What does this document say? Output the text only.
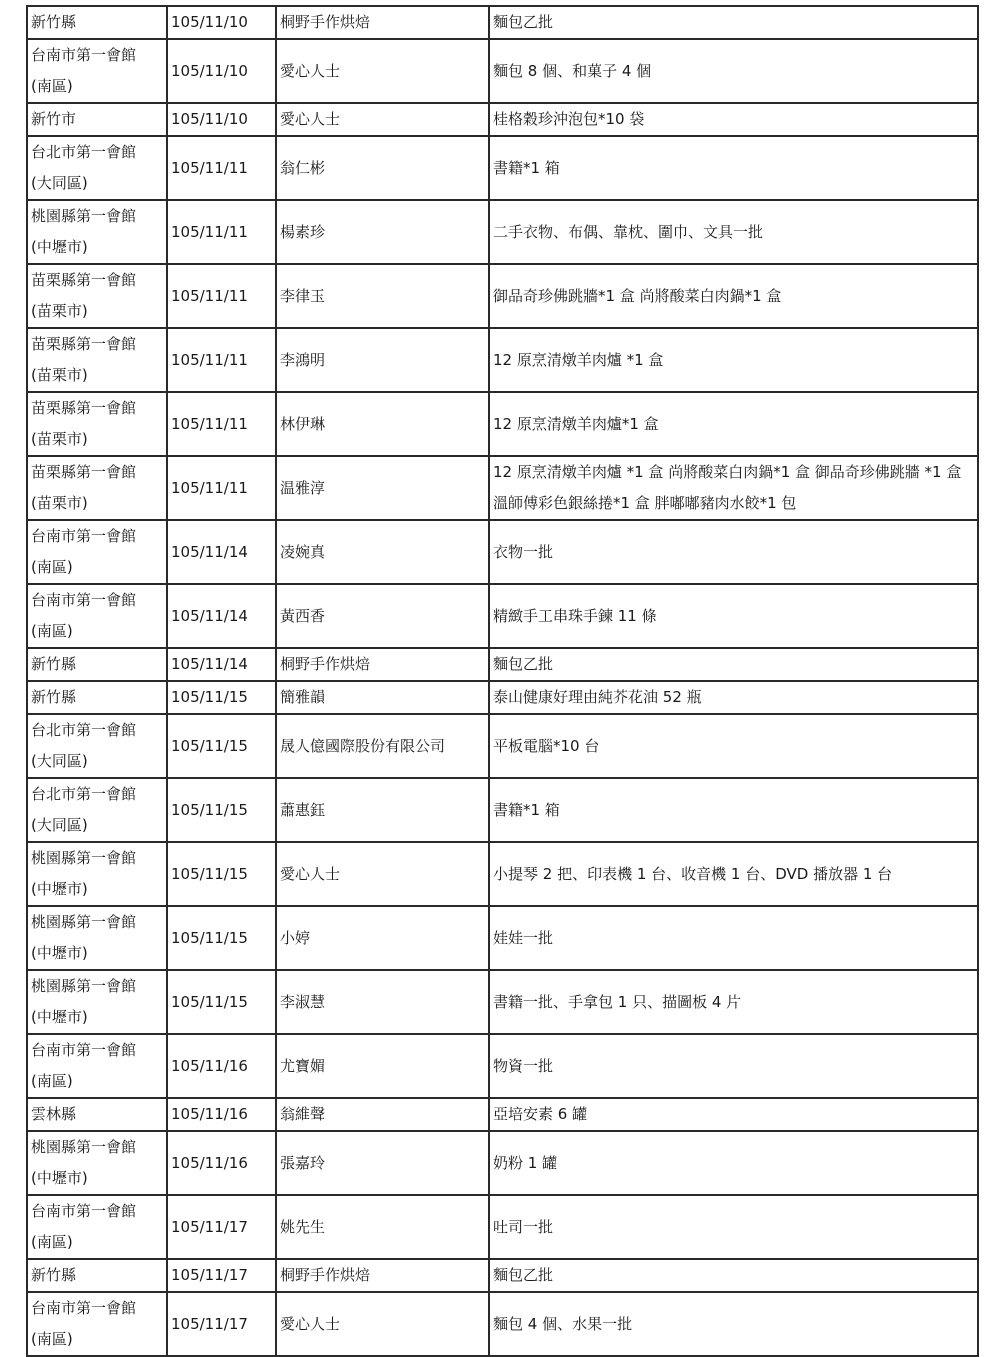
新竹縣	105/11/10	桐野手作烘焙	麵包乙批
台南市第一會館
(南區)	105/11/10	愛心人士	麵包 8 個、和菓子 4 個
新竹市	105/11/10	愛心人士	桂格穀珍沖泡包*10 袋
台北市第一會館
(大同區)	105/11/11	翁仁彬	書籍*1 箱
桃園縣第一會館
(中壢市)	105/11/11	楊素珍	二手衣物、布偶、靠枕、圍巾、文具一批
苗栗縣第一會館
(苗栗市)	105/11/11	李律玉	御品奇珍佛跳牆*1 盒 尚將酸菜白肉鍋*1 盒
苗栗縣第一會館
(苗栗市)	105/11/11	李鴻明	12 原烹清燉羊肉爐 *1 盒
苗栗縣第一會館
(苗栗市)	105/11/11	林伊琳	12 原烹清燉羊肉爐*1 盒
苗栗縣第一會館
(苗栗市)	105/11/11	温雅淳	12 原烹清燉羊肉爐 *1 盒 尚將酸菜白肉鍋*1 盒 御品奇珍佛跳牆 *1 盒 溫師傅彩色銀絲捲*1 盒 胖嘟嘟豬肉水餃*1 包
台南市第一會館
(南區)	105/11/14	凌婉真	衣物一批
台南市第一會館
(南區)	105/11/14	黃西香	精緻手工串珠手鍊 11 條
新竹縣	105/11/14	桐野手作烘焙	麵包乙批
新竹縣	105/11/15	簡雅韻	泰山健康好理由純芥花油 52 瓶
台北市第一會館
(大同區)	105/11/15	晟人億國際股份有限公司	平板電腦*10 台
台北市第一會館
(大同區)	105/11/15	蕭惠鈺	書籍*1 箱
桃園縣第一會館
(中壢市)	105/11/15	愛心人士	小提琴 2 把、印表機 1 台、收音機 1 台、DVD 播放器 1 台
桃園縣第一會館
(中壢市)	105/11/15	小婷	娃娃一批
桃園縣第一會館
(中壢市)	105/11/15	李淑慧	書籍一批、手拿包 1 只、描圖板 4 片
台南市第一會館
(南區)	105/11/16	尤寶媚	物資一批
雲林縣	105/11/16	翁維聲	亞培安素 6 罐
桃園縣第一會館
(中壢市)	105/11/16	張嘉玲	奶粉 1 罐
台南市第一會館
(南區)	105/11/17	姚先生	吐司一批
新竹縣	105/11/17	桐野手作烘焙	麵包乙批
台南市第一會館
(南區)	105/11/17	愛心人士	麵包 4 個、水果一批
